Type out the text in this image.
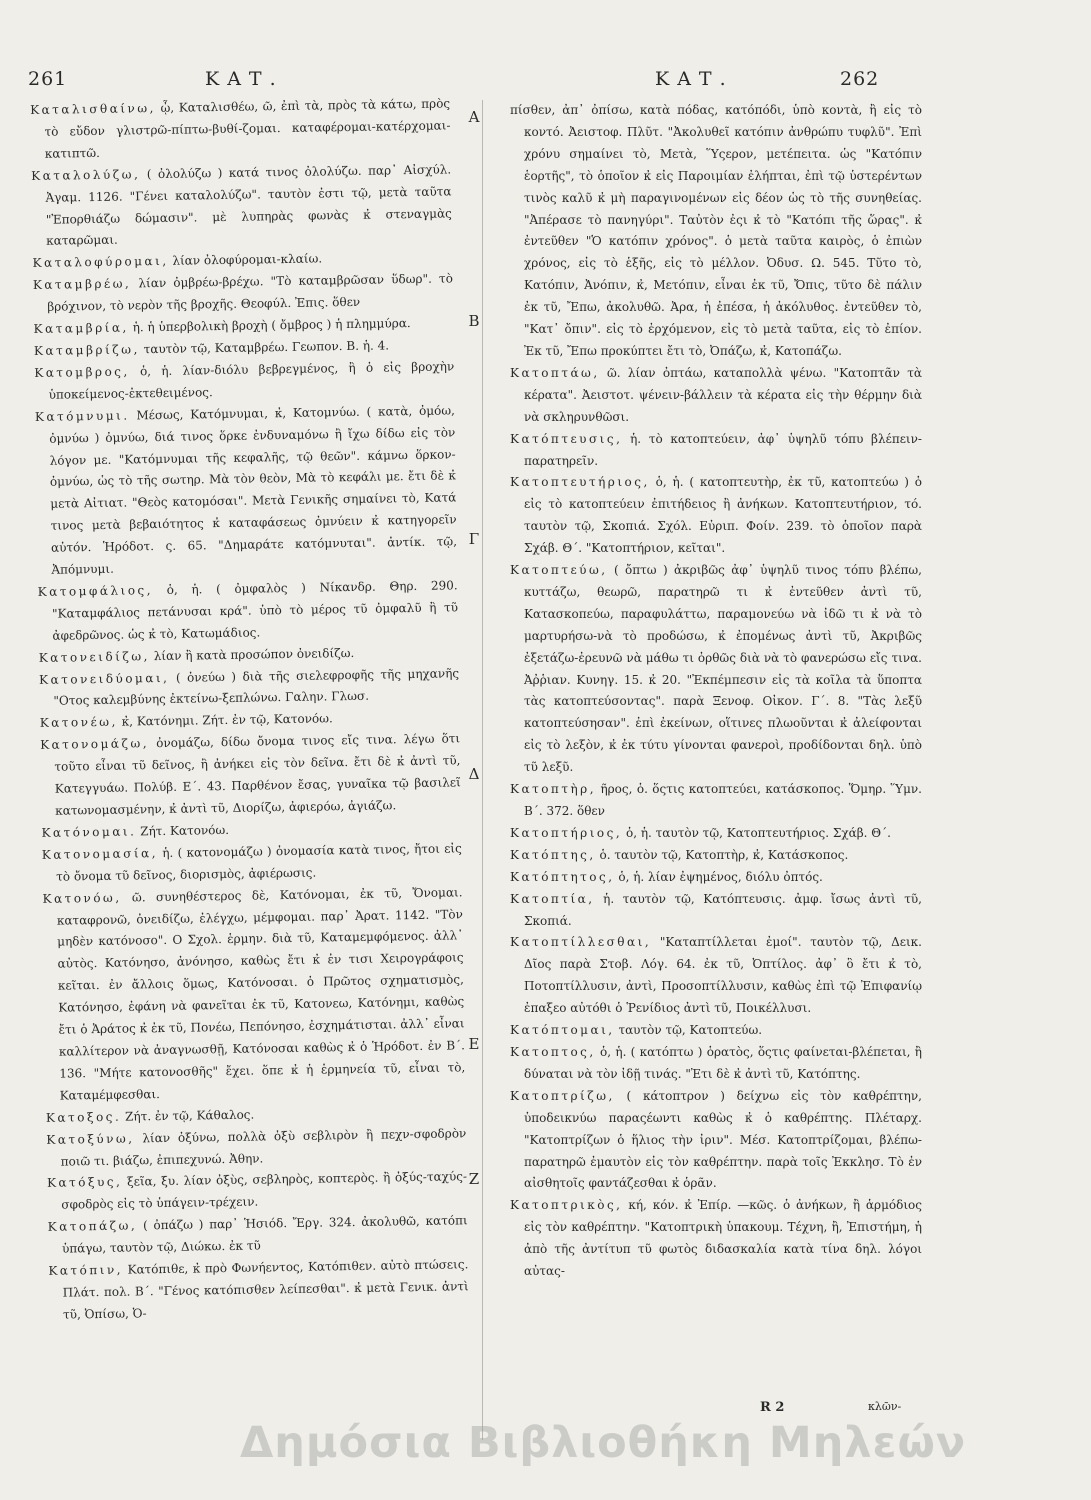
261	ΚΑΤ.	ΚΑΤ.	262

Καταλισθαίνω, ᾦ, Καταλισθέω, ῶ, ἐπὶ τὰ, πρὸς τὰ κάτω, πρὸς τὸ εὔδον γλιστρῶ-πίπτω-βυθί-ζομαι. καταφέρομαι-κατέρχομαι-κατιπτῶ.

Καταλολύζω, ( ὀλολύζω ) κατά τινος ὀλολύζω. παρ᾽ Αἰσχύλ. Ἀγαμ. 1126. "Γένει καταλολύζω". ταυτὸν ἐστι τῷ, μετὰ ταῦτα "Ἐπορθιάζω δώμασιν". μὲ λυπηρὰς φωνὰς κ̓ στεναγμὰς καταρῶμαι.

Καταλοφύρομαι, λίαν ὀλοφύρομαι-κλαίω.

Καταμβρέω, λίαν ὀμβρέω-βρέχω. "Τὸ καταμβρῶσαν ὕδωρ". τὸ βρόχινον, τὸ νερὸν τῆς βροχῆς. Θεοφύλ. Ἐπις. ὅθεν

Καταμβρία, ἡ. ἡ ὑπερβολικὴ βροχὴ ( ὄμβρος ) ἡ πλημμύρα.

Καταμβρίζω, ταυτὸν τῷ, Καταμβρέω. Γεωπον. Β. ἡ. 4.

Κατομβρος, ὁ, ἡ. λίαν-διόλυ βεβρεγμένος, ἢ ὁ εἰς βροχὴν ὑποκείμενος-ἐκτεθειμένος.

Κατόμνυμι. Μέσως, Κατόμνυμαι, κ̓, Κατομνύω. ( κατὰ, ὀμόω, ὀμνύω ) ὀμνύω, διά τινος ὅρκε ἐνδυναμόνω ἢ ἴχω δίδω εἰς τὸν λόγον με. "Κατόμνυμαι τῆς κεφαλῆς, τῷ θεῶν". κάμνω ὅρκον-ὀμνύω, ὡς τὸ τῆς σωτηρ. Μὰ τὸν θεὸν, Μὰ τὸ κεφάλι με. ἔτι δὲ κ̓ μετὰ Αἰτιατ. "Θεὸς κατομόσαι". Μετὰ Γενικῆς σημαίνει τὸ, Κατά τινος μετὰ βεβαιότητος κ̓ καταφάσεως ὀμνύειν κ̓ κατηγορεῖν αὐτόν. Ἡρόδοτ. ς. 65. "Δημαράτε κατόμνυται". ἀντίκ. τῷ, Ἀπόμνυμι.

Κατομφάλιος, ὁ, ἡ. ( ὀμφαλὸς ) Νίκανδρ. Θηρ. 290. "Καταμφάλιος πετάνυσαι κρά". ὑπὸ τὸ μέρος τῦ ὀμφαλῦ ἢ τῦ ἀφεδρῶνος. ὡς κ̓ τὸ, Κατωμάδιος.

Κατονειδίζω, λίαν ἢ κατὰ προσώπον ὀνειδίζω.

Κατονειδύομαι, ( ὀνεύω ) διὰ τῆς σιελεφροφῆς τῆς μηχανῆς "Οτος καλεμβύνης ἐκτείνω-ξεπλώνω. Γαλην. Γλωσ.

Κατονέω, κ̓, Κατόνημι. Ζήτ. ἐν τῷ, Κατονόω.

Κατονομάζω, ὀνομάζω, δίδω ὄνομα τινος εἴς τινα. λέγω ὅτι τοῦτο εἶναι τῦ δεῖνος, ἢ ἀνήκει εἰς τὸν δεῖνα. ἔτι δὲ κ̓ ἀντὶ τῦ, Κατεγγυάω. Πολύβ. Ε΄. 43. Παρθένον ἔσας, γυναῖκα τῷ βασιλεῖ κατωνομασμένην, κ̓ ἀντὶ τῦ, Διορίζω, ἀφιερόω, ἀγιάζω.

Κατόνομαι. Ζήτ. Κατονόω.

Κατονομασία, ἡ. ( κατονομάζω ) ὀνομασία κατὰ τινος, ἤτοι εἰς τὸ ὄνομα τῦ δεῖνος, διορισμὸς, ἀφιέρωσις.

Κατονόω, ῶ. συνηθέστερος δὲ, Κατόνομαι, ἐκ τῦ, Ὄνομαι. καταφρονῶ, ὀνειδίζω, ἐλέγχω, μέμφομαι. παρ᾽ Ἀρατ. 1142. "Τὸν μηδὲν κατόνοσο". Ο Σχολ. ἑρμην. διὰ τῦ, Καταμεμφόμενος. ἀλλ᾽ αὐτὸς. Κατόνησο, ἀνόνησο, καθὼς ἔτι κ̓ ἐν τισι Χειρογράφοις κεῖται. ἐν ἄλλοις ὅμως, Κατόνοσαι. ὁ Πρῶτος σχηματισμὸς, Κατόνησο, ἐφάνη νὰ φανεῖται ἐκ τῦ, Κατονεω, Κατόνημι, καθὼς ἔτι ὁ Ἀράτος κ̓ ἐκ τῦ, Πονέω, Πεπόνησο, ἐσχημάτισται. ἀλλ᾽ εἶναι καλλίτερον νὰ ἀναγνωσθῇ, Κατόνοσαι καθὼς κ̓ ὁ Ἡρόδοτ. ἐν Β΄. 136. "Μήτε κατονοσθῆς" ἔχει. ὅπε κ̓ ἡ ἑρμηνεία τῦ, εἶναι τὸ, Καταμέμφεσθαι.

Κατοξος. Ζήτ. ἐν τῷ, Κάθαλος.

Κατοξύνω, λίαν ὀξύνω, πολλὰ ὀξὺ σεβλιρὸν ἢ πεχν-σφοδρὸν ποιῶ τι. βιάζω, ἐπιπεχυνώ. Ἀθην.

Κατόξυς, ξεῖα, ξυ. λίαν ὀξὺς, σεβληρὸς, κοπτερὸς. ἢ ὀξύς-ταχύς-σφοδρὸς εἰς τὸ ὑπάγειν-τρέχειν.

Κατοπάζω, ( ὀπάζω ) παρ᾽ Ἡσιόδ. Ἔργ. 324. ἀκολυθῶ, κατόπι ὑπάγω, ταυτὸν τῷ, Διώκω. ἐκ τῦ

Κατόπιν, Κατόπιθε, κ̓ πρὸ Φωνήεντος, Κατόπιθεν. αὐτὸ πτώσεις. Πλάτ. πολ. Β΄. "Γένος κατόπισθεν λείπεσθαι". κ̓ μετὰ Γενικ. ἀντὶ τῦ, Ὀπίσω, Ὀ-

Α
Β
Γ
Δ
Ε
Ζ

πίσθεν, ἀπ᾽ ὀπίσω, κατὰ πόδας, κατόπόδι, ὑπὸ κοντὰ, ἢ εἰς τὸ κοντό. Ἀειστοφ. Πλῦτ. "Ἀκολυθεῖ κατόπιν ἀνθρώπυ τυφλῦ". Ἐπὶ χρόνυ σημαίνει τὸ, Μετὰ, Ὕςερον, μετέπειτα. ὡς "Κατόπιν ἑορτῆς", τὸ ὁποῖον κ̓ εἰς Παροιμίαν ἐλήπται, ἐπὶ τῷ ὑστερέντων τινὸς καλῦ κ̓ μὴ παραγινομένων εἰς δέον ὡς τὸ τῆς συνηθείας. "Ἀπέρασε τὸ πανηγύρι". Ταὐτὸν ἐςι κ̓ τὸ "Κατόπι τῆς ὥρας". κ̓ ἐντεῦθεν "Ὁ κατόπιν χρόνος". ὁ μετὰ ταῦτα καιρὸς, ὁ ἐπιὼν χρόνος, εἰς τὸ ἑξῆς, εἰς τὸ μέλλον. Ὀδυσ. Ω. 545. Τῦτο τὸ, Κατόπιν, Ἀνόπιν, κ̓, Μετόπιν, εἶναι ἐκ τῦ, Ὄπις, τῦτο δὲ πάλιν ἐκ τῦ, Ἔπω, ἀκολυθῶ. Ἀρα, ἡ ἐπέσα, ἡ ἀκόλυθος. ἐντεῦθεν τὸ, "Κατ᾽ ὄπιν". εἰς τὸ ἐρχόμενον, εἰς τὸ μετὰ ταῦτα, εἰς τὸ ἐπίον. Ἐκ τῦ, Ἔπω προκύπτει ἔτι τὸ, Ὀπάζω, κ̓, Κατοπάζω.

Κατοπτάω, ῶ. λίαν ὀπτάω, καταπολλὰ ψένω. "Κατοπτᾶν τὰ κέρατα". Ἀειστοτ. ψένειν-βάλλειν τὰ κέρατα εἰς τὴν θέρμην διὰ νὰ σκληρυνθῶσι.

Κατόπτευσις, ἡ. τὸ κατοπτεύειν, ἀφ᾽ ὑψηλῦ τόπυ βλέπειν-παρατηρεῖν.

Κατοπτευτήριος, ὁ, ἡ. ( κατοπτευτὴρ, ἐκ τῦ, κατοπτεύω ) ὁ εἰς τὸ κατοπτεύειν ἐπιτήδειος ἢ ἀνήκων. Κατοπτευτήριον, τό. ταυτὸν τῷ, Σκοπιά. Σχόλ. Εὐριπ. Φοίν. 239. τὸ ὁποῖον παρὰ Σχάβ. Θ΄. "Κατοπτήριον, κεῖται".

Κατοπτεύω, ( ὄπτω ) ἀκριβῶς ἀφ᾽ ὑψηλῦ τινος τόπυ βλέπω, κυττάζω, θεωρῶ, παρατηρῶ τι κ̓ ἐντεῦθεν ἀντὶ τῦ, Κατασκοπεύω, παραφυλάττω, παραμονεύω νὰ ἰδῶ τι κ̓ νὰ τὸ μαρτυρήσω-νὰ τὸ προδώσω, κ̓ ἐπομένως ἀντὶ τῦ, Ἀκριβῶς ἐξετάζω-ἐρευνῶ νὰ μάθω τι ὀρθῶς διὰ νὰ τὸ φανερώσω εἴς τινα. Ἀῤῥιαν. Κυνηγ. 15. κ̓ 20. "Ἐκπέμπεσιν εἰς τὰ κοῖλα τὰ ὕποπτα τὰς κατοπτεύσοντας". παρὰ Ξενοφ. Οἰκον. Γ΄. 8. "Τὰς λεξῦ κατοπτεύσησαν". ἐπὶ ἐκείνων, οἵτινες πλωοῦνται κ̓ ἀλείφονται εἰς τὸ λεξὸν, κ̓ ἐκ τύτυ γίνονται φανεροὶ, προδίδονται δηλ. ὑπὸ τῦ λεξῦ.

Κατοπτὴρ, ῆρος, ὁ. ὅςτις κατοπτεύει, κατάσκοπος. Ὅμηρ. Ὕμν. Β΄. 372. ὅθεν

Κατοπτήριος, ὁ, ἡ. ταυτὸν τῷ, Κατοπτευτήριος. Σχάβ. Θ΄.

Κατόπτης, ὁ. ταυτὸν τῷ, Κατοπτὴρ, κ̓, Κατάσκοπος.

Κατόπτητος, ὁ, ἡ. λίαν ἐψημένος, διόλυ ὀπτός.

Κατοπτία, ἡ. ταυτὸν τῷ, Κατόπτευσις. ἀμφ. ἴσως ἀντὶ τῦ, Σκοπιά.

Κατοπτίλλεσθαι, "Καταπτίλλεται ἐμοί". ταυτὸν τῷ, Δεικ. Δῖος παρὰ Στοβ. Λόγ. 64. ἐκ τῦ, Ὀπτίλος. ἀφ᾽ ὃ ἔτι κ̓ τὸ, Ποτοπτίλλυσιν, ἀντὶ, Προσοπτίλλυσιν, καθὼς ἐπὶ τῷ Ἐπιφανίῳ ἐπαξεο αὐτόθι ὁ Ῥενίδιος ἀντὶ τῦ, Ποικέλλυσι.

Κατόπτομαι, ταυτὸν τῷ, Κατοπτεύω.

Κατοπτος, ὁ, ἡ. ( κατόπτω ) ὁρατὸς, ὅςτις φαίνεται-βλέπεται, ἢ δύναται νὰ τὸν ἰδῇ τινάς. "Ἐτι δὲ κ̓ ἀντὶ τῦ, Κατόπτης.

Κατοπτρίζω, ( κάτοπτρον ) δείχνω εἰς τὸν καθρέπτην, ὑποδεικνύω παραςέωντι καθὼς κ̓ ὁ καθρέπτης. Πλέταρχ. "Κατοπτρίζων ὁ ἥλιος τὴν ἰριν". Μέσ. Κατοπτρίζομαι, βλέπω-παρατηρῶ ἐμαυτὸν εἰς τὸν καθρέπτην. παρὰ τοῖς Ἐκκλησ. Τὸ ἐν αἰσθητοῖς φαντάζεσθαι κ̓ ὁρᾶν.

Κατοπτρικὸς, κή, κόν. κ̓ Ἐπίρ. —κῶς. ὁ ἀνήκων, ἢ ἁρμόδιος εἰς τὸν καθρέπτην. "Κατοπτρικὴ ὑπακουμ. Τέχνη, ἢ, Ἐπιστήμη, ἡ ἀπὸ τῆς ἀντίτυπ τῦ φωτὸς διδασκαλία κατὰ τίνα δηλ. λόγοι αὐτας-

R 2	κλῶν-
Δημόσια Βιβλιοθήκη Μηλεών
